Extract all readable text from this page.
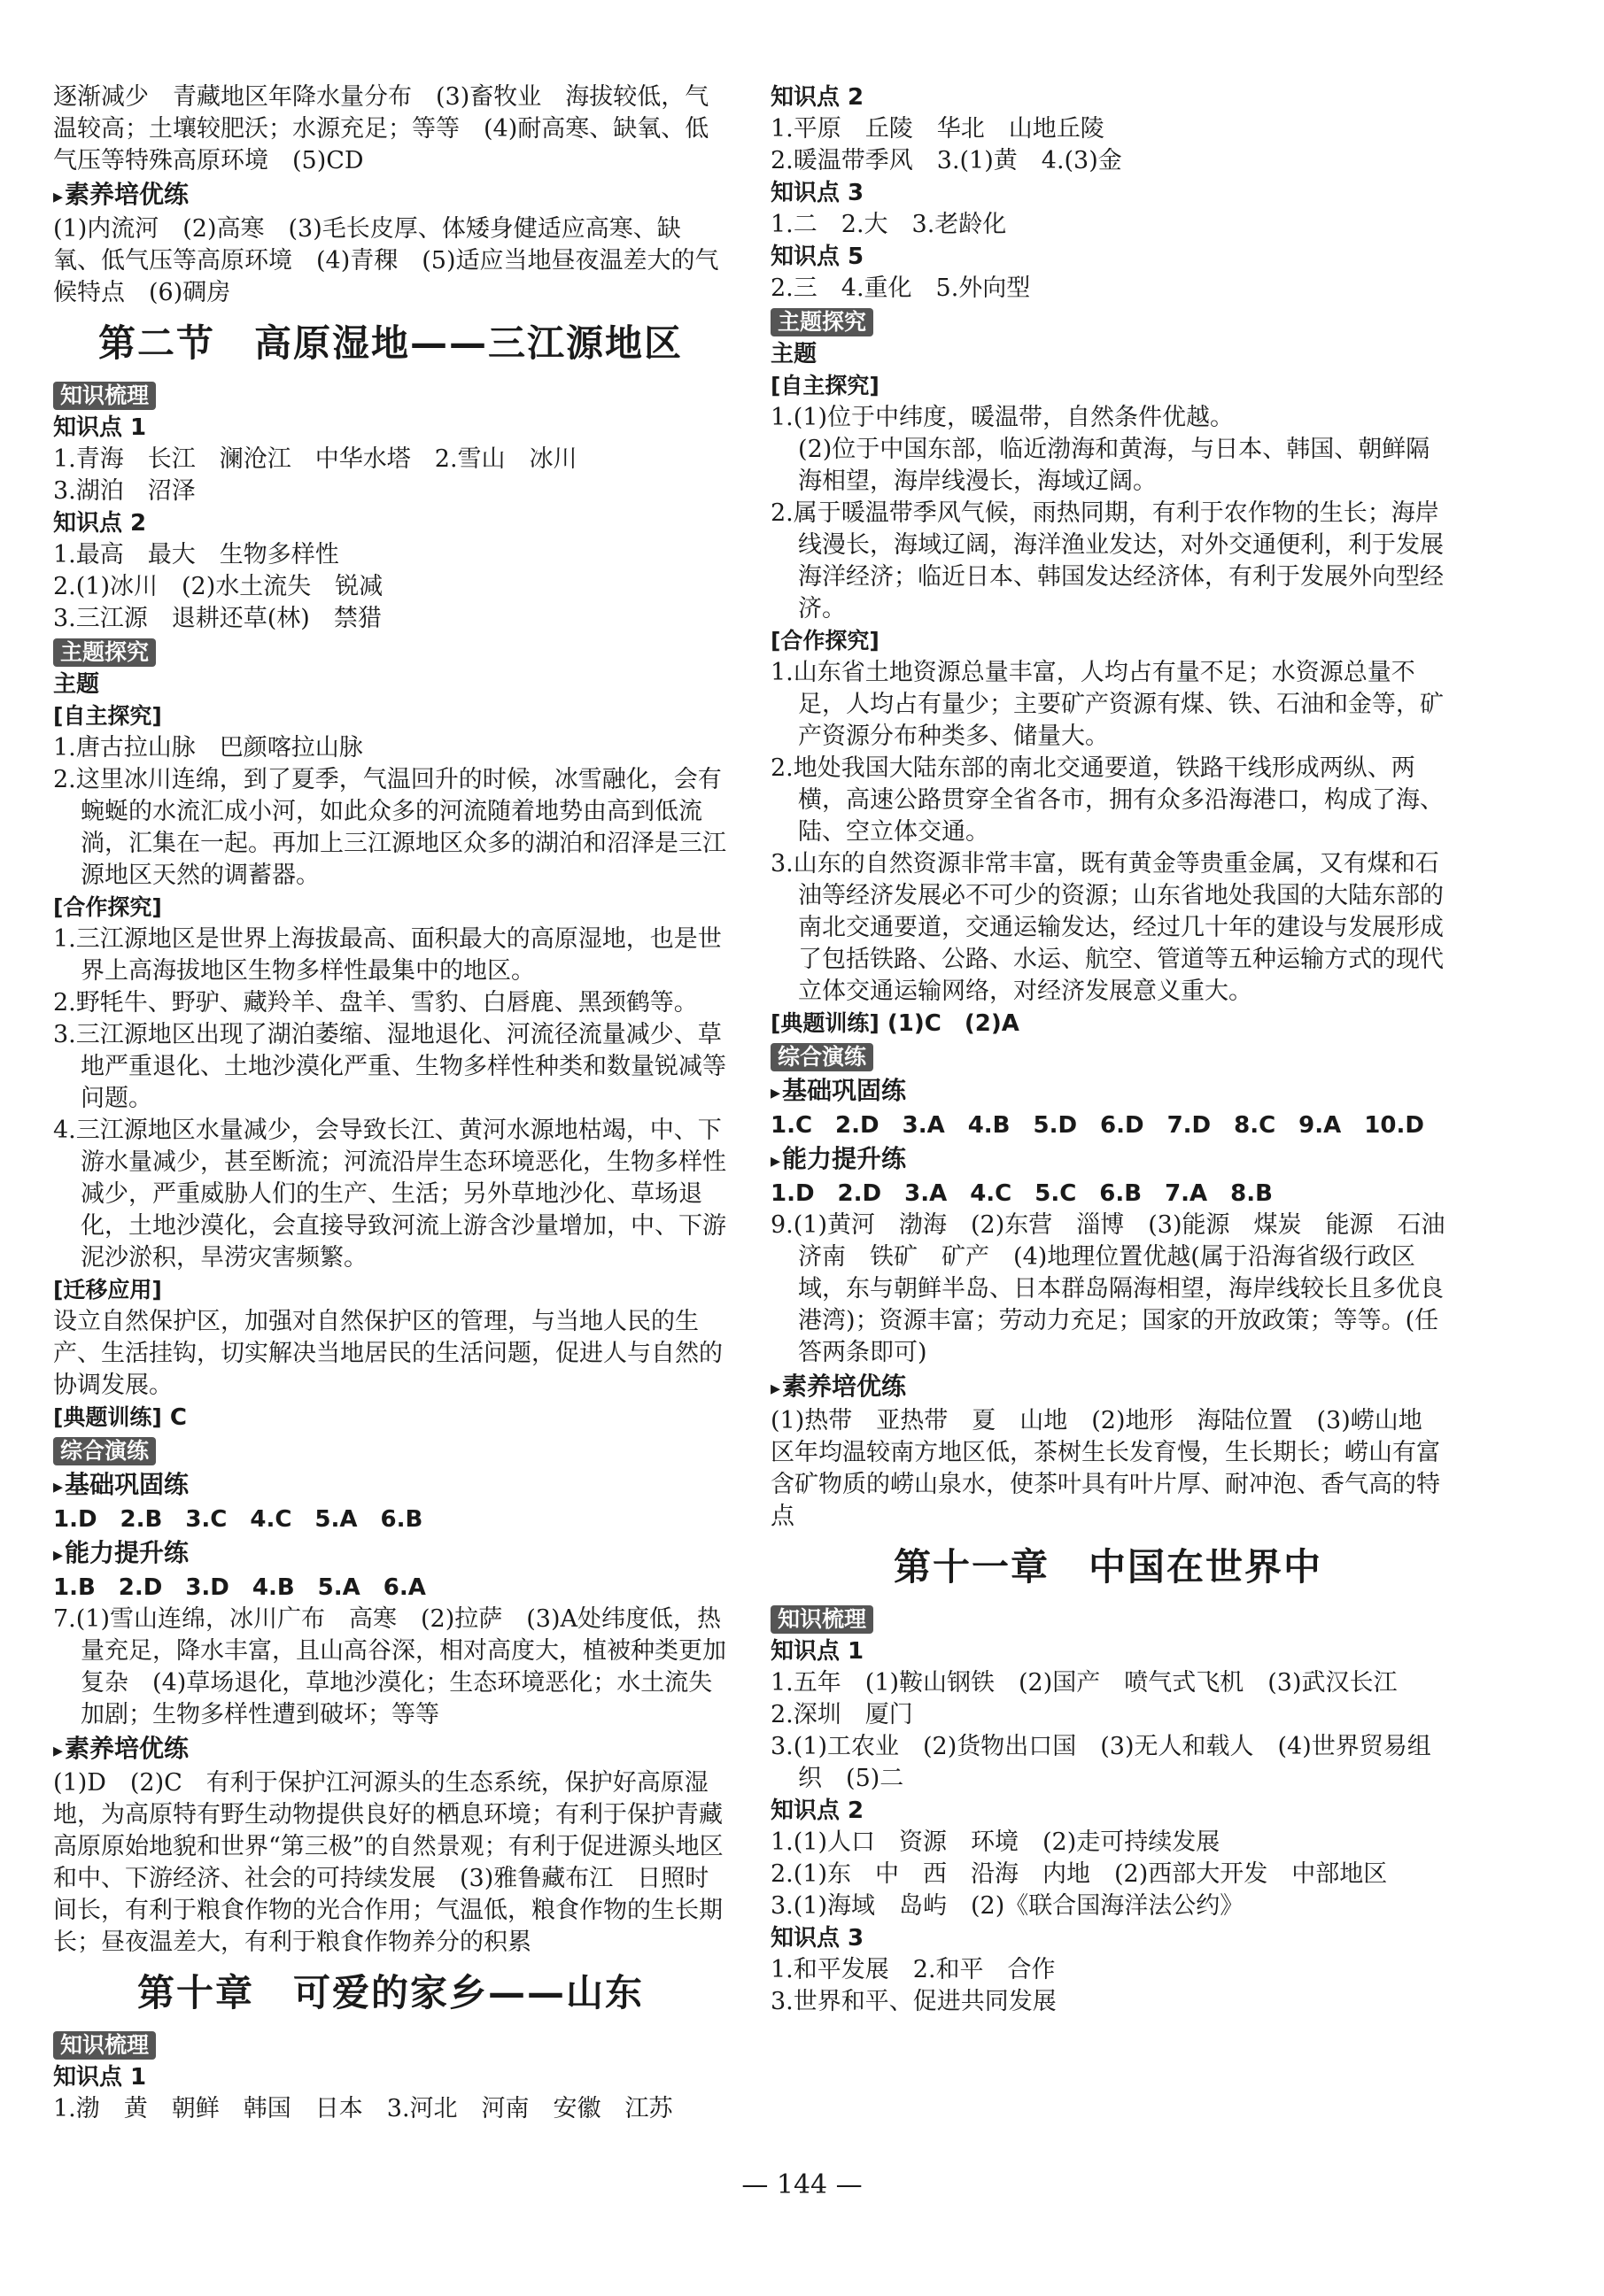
逐渐减少　青藏地区年降水量分布　(3)畜牧业　海拔较低，气温较高；土壤较肥沃；水源充足；等等　(4)耐高寒、缺氧、低气压等特殊高原环境　(5)CD
▸素养培优练
(1)内流河　(2)高寒　(3)毛长皮厚、体矮身健适应高寒、缺氧、低气压等高原环境　(4)青稞　(5)适应当地昼夜温差大的气候特点　(6)碉房
第二节　高原湿地——三江源地区
知识梳理
知识点 1
1.青海　长江　澜沧江　中华水塔　2.雪山　冰川
3.湖泊　沼泽
知识点 2
1.最高　最大　生物多样性
2.(1)冰川　(2)水土流失　锐减
3.三江源　退耕还草(林)　禁猎
主题探究
主题
[自主探究]
1.唐古拉山脉　巴颜喀拉山脉
2.这里冰川连绵，到了夏季，气温回升的时候，冰雪融化，会有蜿蜒的水流汇成小河，如此众多的河流随着地势由高到低流淌，汇集在一起。再加上三江源地区众多的湖泊和沼泽是三江源地区天然的调蓄器。
[合作探究]
1.三江源地区是世界上海拔最高、面积最大的高原湿地，也是世界上高海拔地区生物多样性最集中的地区。
2.野牦牛、野驴、藏羚羊、盘羊、雪豹、白唇鹿、黑颈鹤等。
3.三江源地区出现了湖泊萎缩、湿地退化、河流径流量减少、草地严重退化、土地沙漠化严重、生物多样性种类和数量锐减等问题。
4.三江源地区水量减少，会导致长江、黄河水源地枯竭，中、下游水量减少，甚至断流；河流沿岸生态环境恶化，生物多样性减少，严重威胁人们的生产、生活；另外草地沙化、草场退化，土地沙漠化，会直接导致河流上游含沙量增加，中、下游泥沙淤积，旱涝灾害频繁。
[迁移应用]
设立自然保护区，加强对自然保护区的管理，与当地人民的生产、生活挂钩，切实解决当地居民的生活问题，促进人与自然的协调发展。
[典题训练] C
综合演练
▸基础巩固练
1.D　2.B　3.C　4.C　5.A　6.B
▸能力提升练
1.B　2.D　3.D　4.B　5.A　6.A
7.(1)雪山连绵，冰川广布　高寒　(2)拉萨　(3)A处纬度低，热量充足，降水丰富，且山高谷深，相对高度大，植被种类更加复杂　(4)草场退化，草地沙漠化；生态环境恶化；水土流失加剧；生物多样性遭到破坏；等等
▸素养培优练
(1)D　(2)C　有利于保护江河源头的生态系统，保护好高原湿地，为高原特有野生动物提供良好的栖息环境；有利于保护青藏高原原始地貌和世界“第三极”的自然景观；有利于促进源头地区和中、下游经济、社会的可持续发展　(3)雅鲁藏布江　日照时间长，有利于粮食作物的光合作用；气温低，粮食作物的生长期长；昼夜温差大，有利于粮食作物养分的积累
第十章　可爱的家乡——山东
知识梳理
知识点 1
1.渤　黄　朝鲜　韩国　日本　3.河北　河南　安徽　江苏
知识点 2
1.平原　丘陵　华北　山地丘陵
2.暖温带季风　3.(1)黄　4.(3)金
知识点 3
1.二　2.大　3.老龄化
知识点 5
2.三　4.重化　5.外向型
主题探究
主题
[自主探究]
1.(1)位于中纬度，暖温带，自然条件优越。
(2)位于中国东部，临近渤海和黄海，与日本、韩国、朝鲜隔海相望，海岸线漫长，海域辽阔。
2.属于暖温带季风气候，雨热同期，有利于农作物的生长；海岸线漫长，海域辽阔，海洋渔业发达，对外交通便利，利于发展海洋经济；临近日本、韩国发达经济体，有利于发展外向型经济。
[合作探究]
1.山东省土地资源总量丰富，人均占有量不足；水资源总量不足，人均占有量少；主要矿产资源有煤、铁、石油和金等，矿产资源分布种类多、储量大。
2.地处我国大陆东部的南北交通要道，铁路干线形成两纵、两横，高速公路贯穿全省各市，拥有众多沿海港口，构成了海、陆、空立体交通。
3.山东的自然资源非常丰富，既有黄金等贵重金属，又有煤和石油等经济发展必不可少的资源；山东省地处我国的大陆东部的南北交通要道，交通运输发达，经过几十年的建设与发展形成了包括铁路、公路、水运、航空、管道等五种运输方式的现代立体交通运输网络，对经济发展意义重大。
[典题训练] (1)C　(2)A
综合演练
▸基础巩固练
1.C　2.D　3.A　4.B　5.D　6.D　7.D　8.C　9.A　10.D
▸能力提升练
1.D　2.D　3.A　4.C　5.C　6.B　7.A　8.B
9.(1)黄河　渤海　(2)东营　淄博　(3)能源　煤炭　能源　石油　济南　铁矿　矿产　(4)地理位置优越(属于沿海省级行政区域，东与朝鲜半岛、日本群岛隔海相望，海岸线较长且多优良港湾)；资源丰富；劳动力充足；国家的开放政策；等等。(任答两条即可)
▸素养培优练
(1)热带　亚热带　夏　山地　(2)地形　海陆位置　(3)崂山地区年均温较南方地区低，茶树生长发育慢，生长期长；崂山有富含矿物质的崂山泉水，使茶叶具有叶片厚、耐冲泡、香气高的特点
第十一章　中国在世界中
知识梳理
知识点 1
1.五年　(1)鞍山钢铁　(2)国产　喷气式飞机　(3)武汉长江
2.深圳　厦门
3.(1)工农业　(2)货物出口国　(3)无人和载人　(4)世界贸易组织　(5)二
知识点 2
1.(1)人口　资源　环境　(2)走可持续发展
2.(1)东　中　西　沿海　内地　(2)西部大开发　中部地区
3.(1)海域　岛屿　(2)《联合国海洋法公约》
知识点 3
1.和平发展　2.和平　合作
3.世界和平、促进共同发展
— 144 —
